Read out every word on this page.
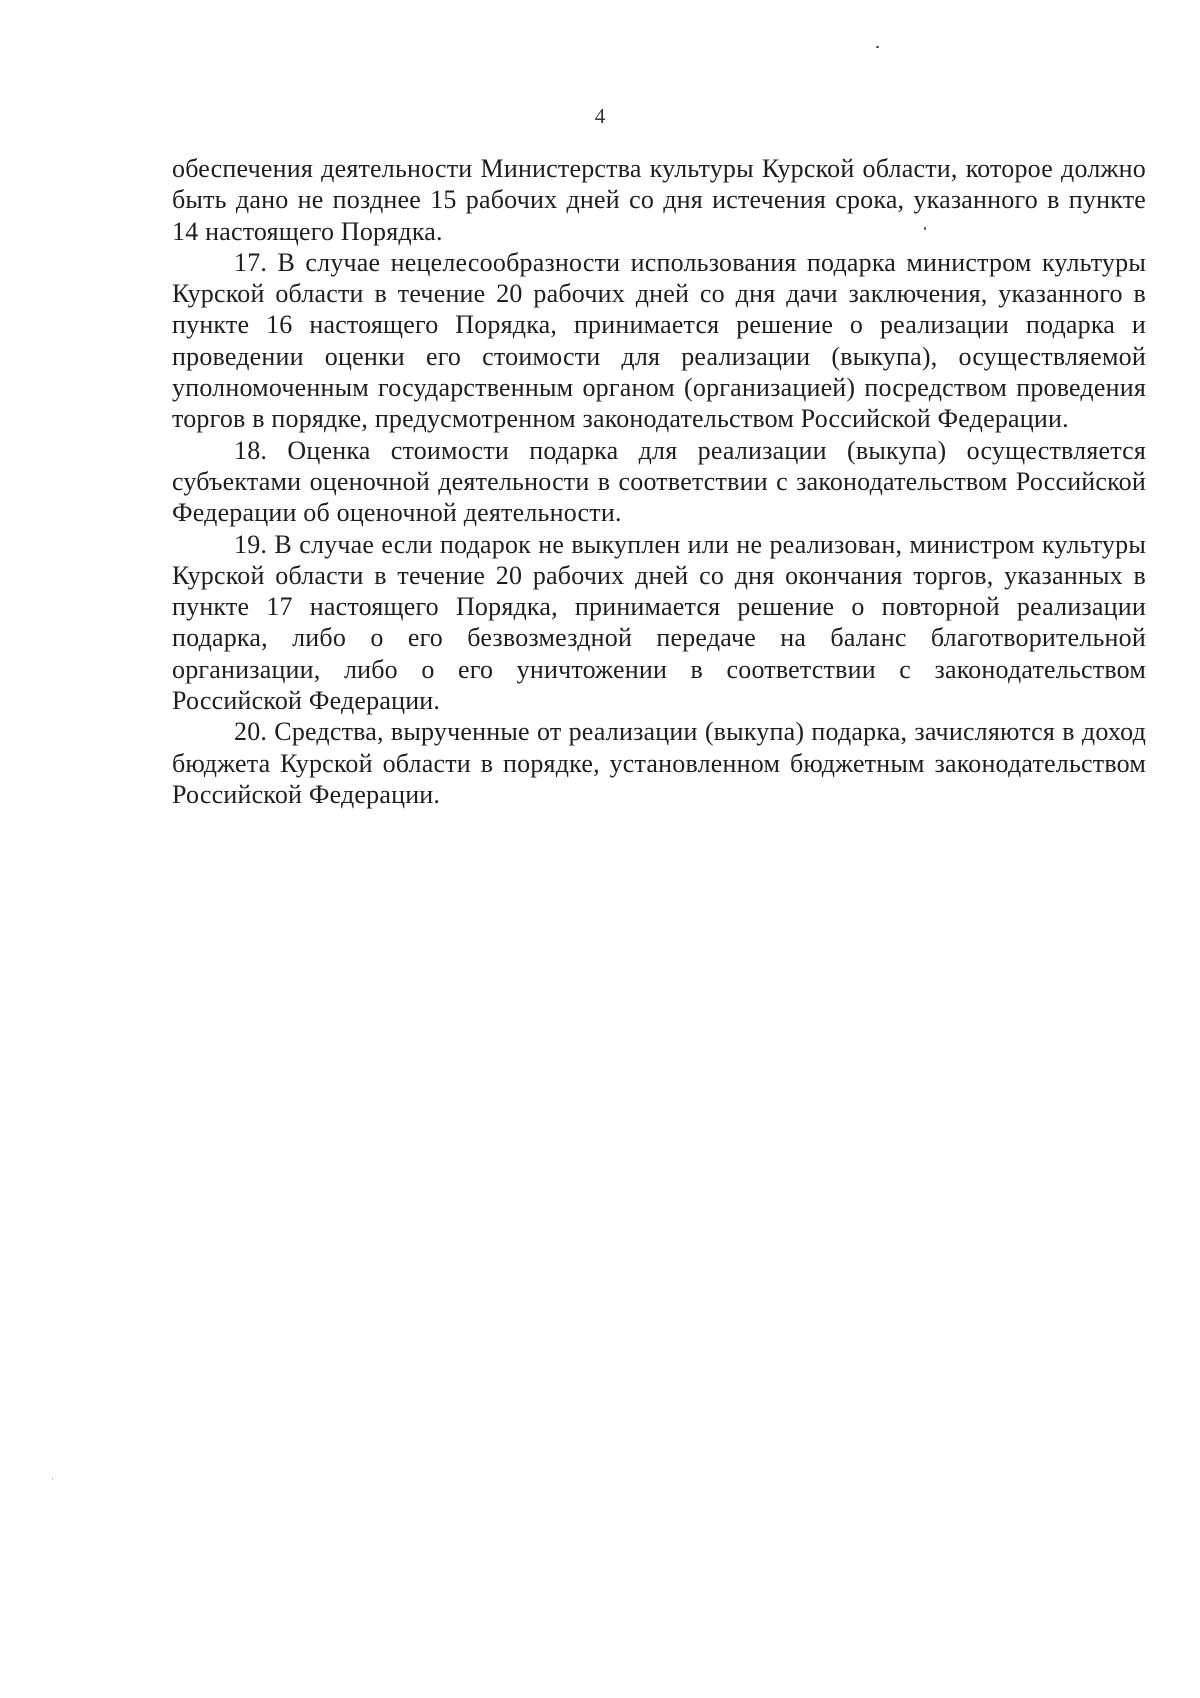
4

обеспечения деятельности Министерства культуры Курской области, которое должно быть дано не позднее 15 рабочих дней со дня истечения срока, указанного в пункте 14 настоящего Порядка.

17. В случае нецелесообразности использования подарка министром культуры Курской области в течение 20 рабочих дней со дня дачи заключения, указанного в пункте 16 настоящего Порядка, принимается решение о реализации подарка и проведении оценки его стоимости для реализации (выкупа), осуществляемой уполномоченным государственным органом (организацией) посредством проведения торгов в порядке, предусмотренном законодательством Российской Федерации.

18. Оценка стоимости подарка для реализации (выкупа) осуществляется субъектами оценочной деятельности в соответствии с законодательством Российской Федерации об оценочной деятельности.

19. В случае если подарок не выкуплен или не реализован, министром культуры Курской области в течение 20 рабочих дней со дня окончания торгов, указанных в пункте 17 настоящего Порядка, принимается решение о повторной реализации подарка, либо о его безвозмездной передаче на баланс благотворительной организации, либо о его уничтожении в соответствии с законодательством Российской Федерации.

20. Средства, вырученные от реализации (выкупа) подарка, зачисляются в доход бюджета Курской области в порядке, установленном бюджетным законодательством Российской Федерации.
